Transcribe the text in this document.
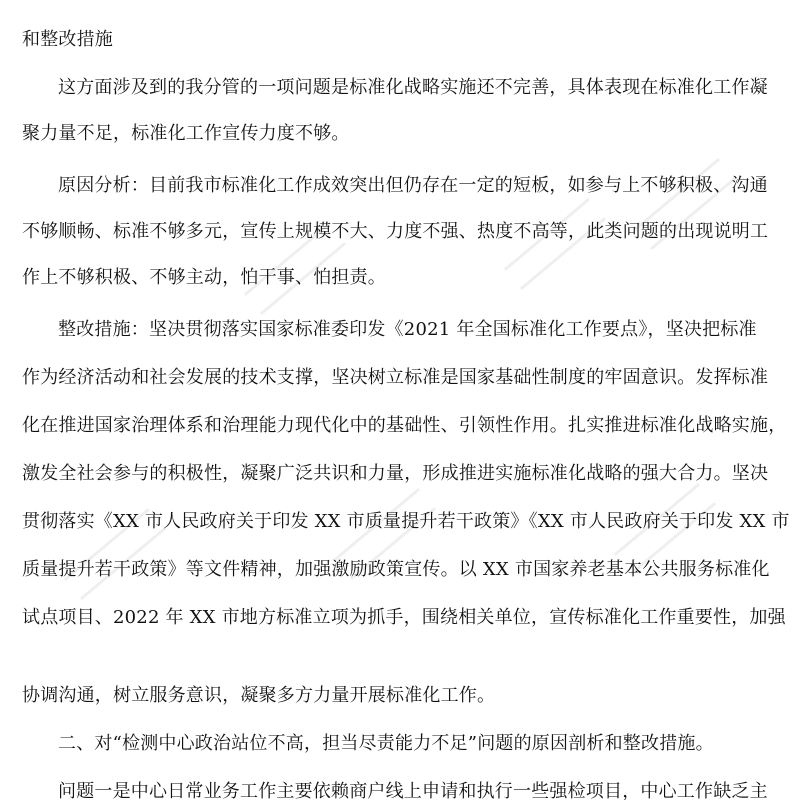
和整改措施
这方面涉及到的我分管的一项问题是标准化战略实施还不完善，具体表现在标准化工作凝
聚力量不足，标准化工作宣传力度不够。
原因分析：目前我市标准化工作成效突出但仍存在一定的短板，如参与上不够积极、沟通
不够顺畅、标准不够多元，宣传上规模不大、力度不强、热度不高等，此类问题的出现说明工
作上不够积极、不够主动，怕干事、怕担责。
整改措施：坚决贯彻落实国家标准委印发《2021 年全国标准化工作要点》，坚决把标准
作为经济活动和社会发展的技术支撑，坚决树立标准是国家基础性制度的牢固意识。发挥标准
化在推进国家治理体系和治理能力现代化中的基础性、引领性作用。扎实推进标准化战略实施，
激发全社会参与的积极性，凝聚广泛共识和力量，形成推进实施标准化战略的强大合力。坚决
贯彻落实《XX 市人民政府关于印发 XX 市质量提升若干政策》《XX 市人民政府关于印发 XX 市
质量提升若干政策》等文件精神，加强激励政策宣传。以 XX 市国家养老基本公共服务标准化
试点项目、2022 年 XX 市地方标准立项为抓手，围绕相关单位，宣传标准化工作重要性，加强
协调沟通，树立服务意识，凝聚多方力量开展标准化工作。
二、对“检测中心政治站位不高，担当尽责能力不足”问题的原因剖析和整改措施。
问题一是中心日常业务工作主要依赖商户线上申请和执行一些强检项目，中心工作缺乏主
